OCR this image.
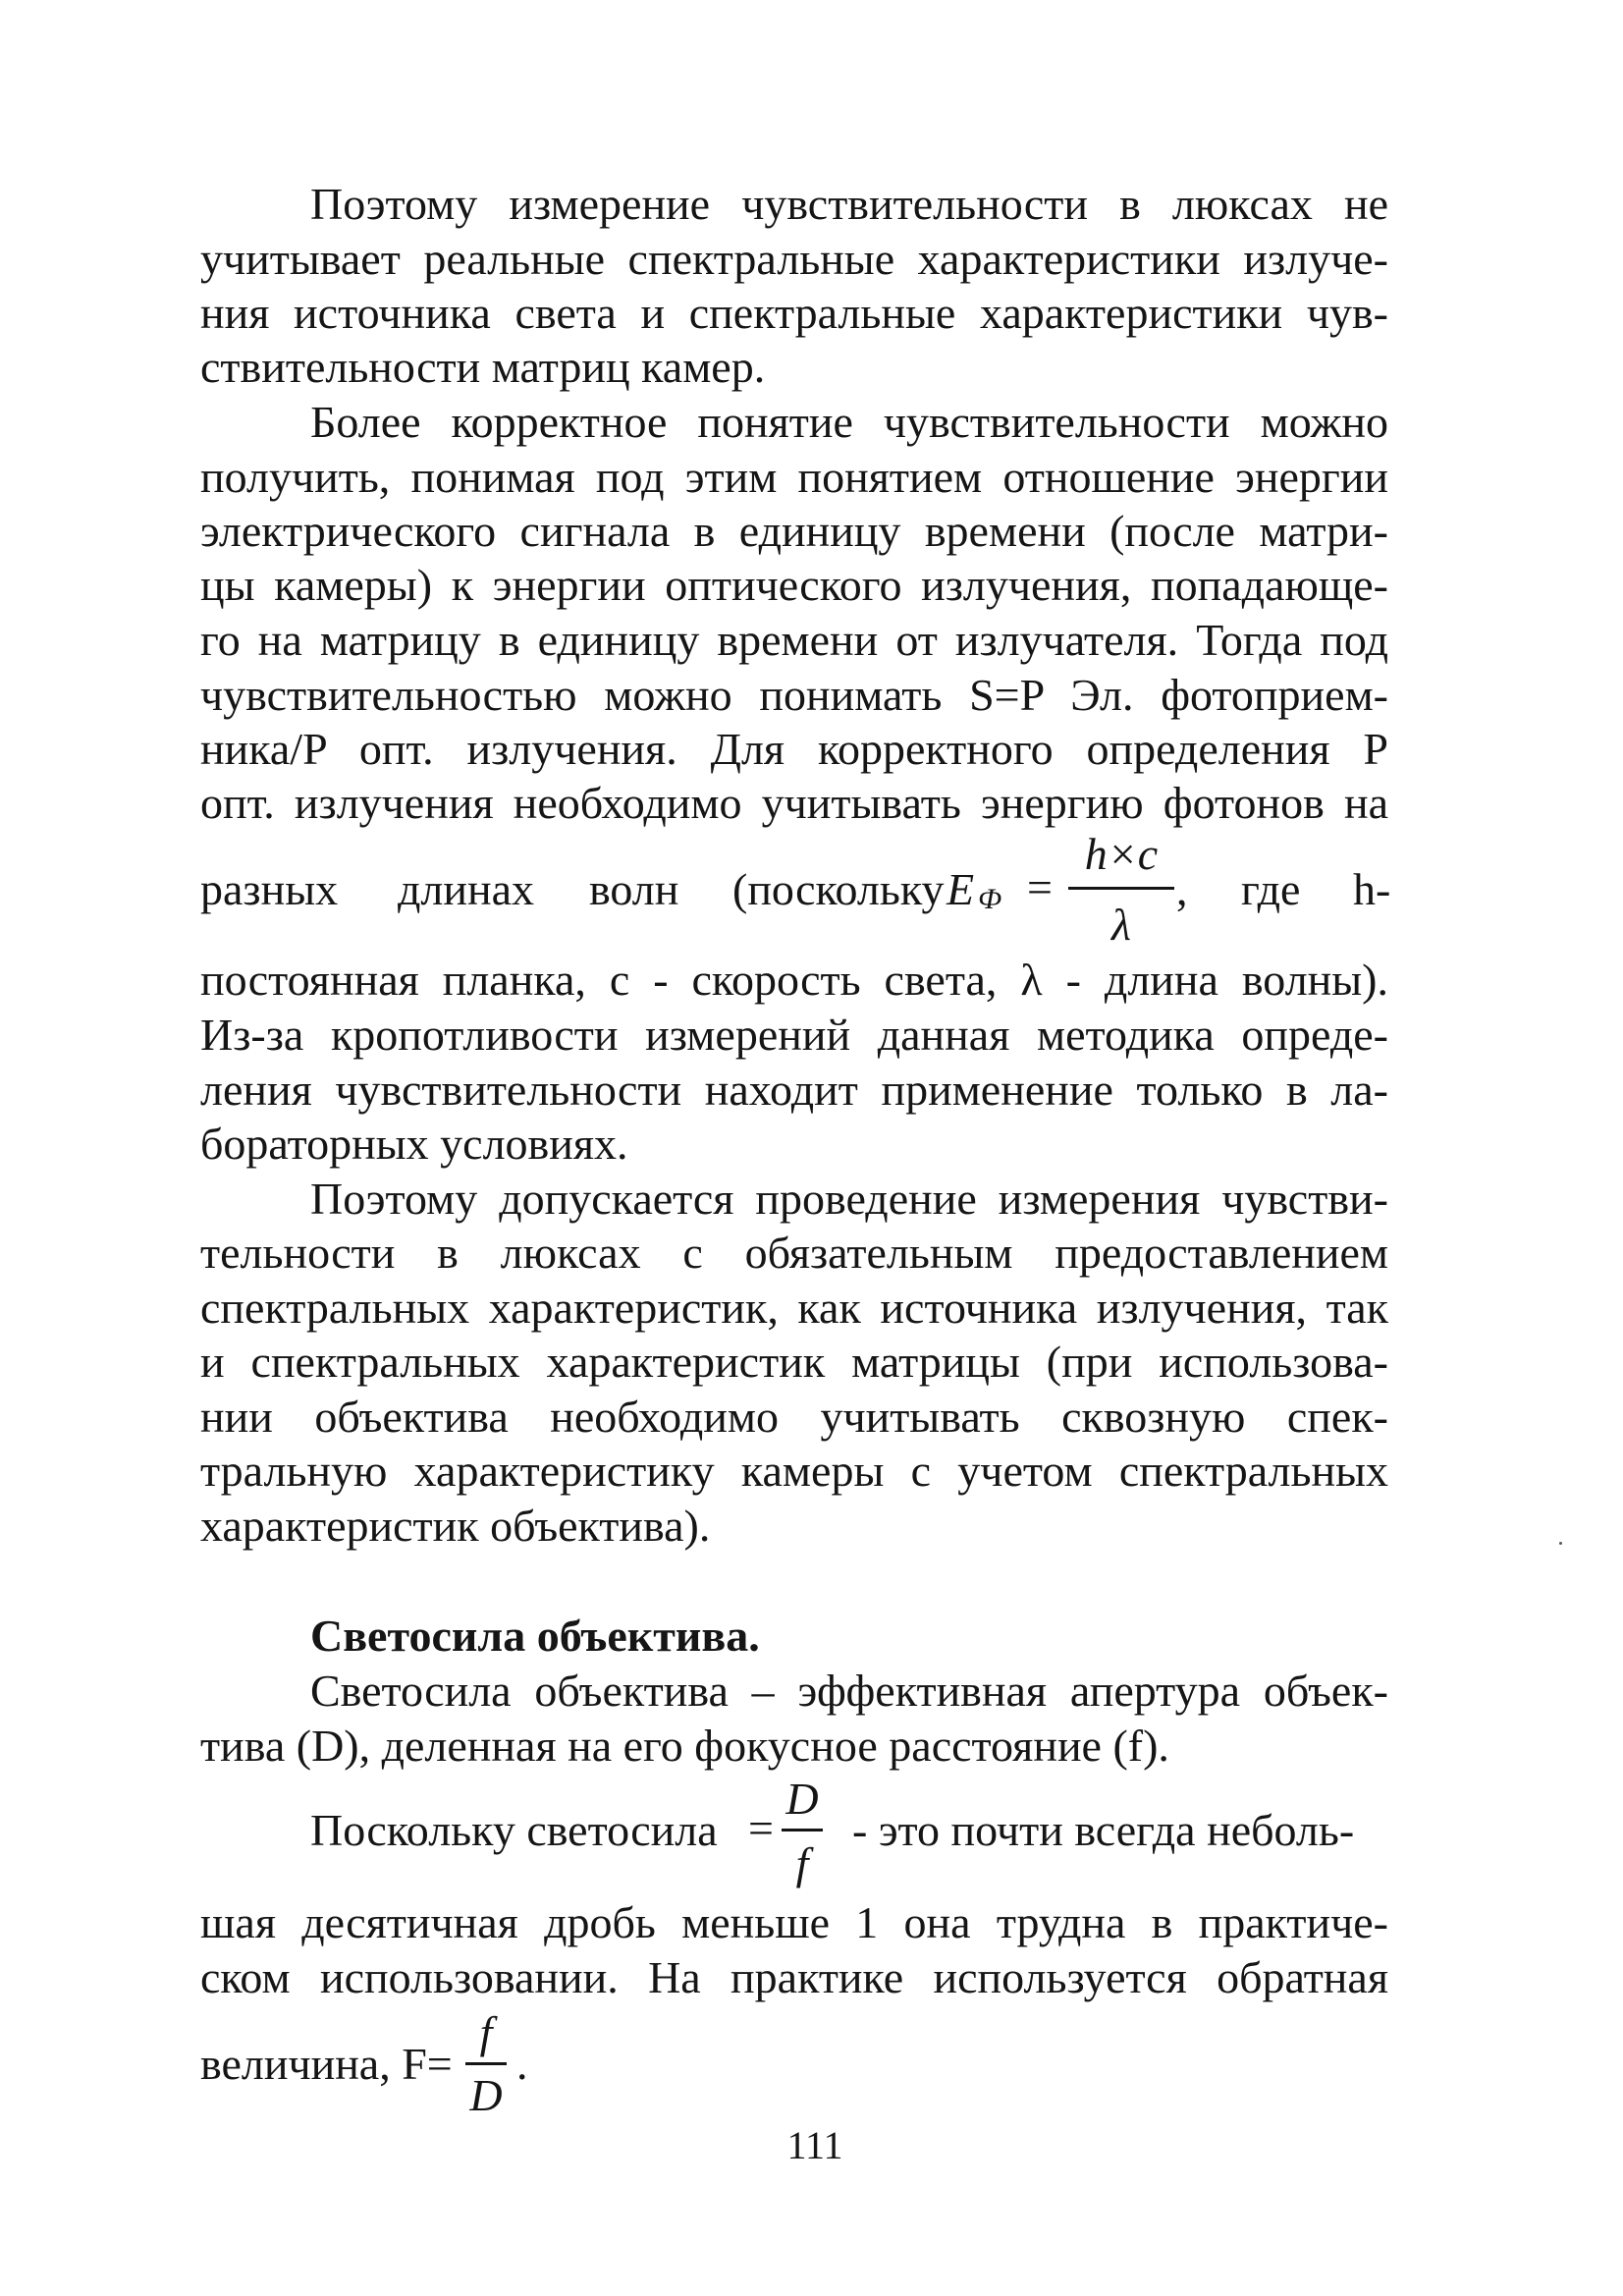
Поэтому измерение чувствительности в люксах не
учитывает реальные спектральные характеристики излуче-
ния источника света и спектральные характеристики чув-
ствительности матриц камер.
Более корректное понятие чувствительности можно
получить, понимая под этим понятием отношение энергии
электрического сигнала в единицу времени (после матри-
цы камеры) к энергии оптического излучения, попадающе-
го на матрицу в единицу времени от излучателя. Тогда под
чувствительностью можно понимать S=P Эл. фотоприем-
ника/P опт. излучения. Для корректного определения P
опт. излучения необходимо учитывать энергию фотонов на
разных длинах волн (поскольку E Ф =
h×c
λ
, где h-
постоянная планка, с - скорость света, λ - длина волны).
Из-за кропотливости измерений данная методика опреде-
ления чувствительности находит применение только в ла-
бораторных условиях.
Поэтому допускается проведение измерения чувстви-
тельности в люксах с обязательным предоставлением
спектральных характеристик, как источника излучения, так
и спектральных характеристик матрицы (при использова-
нии объектива необходимо учитывать сквозную спек-
тральную характеристику камеры с учетом спектральных
характеристик объектива).
Светосила объектива.
Светосила объектива – эффективная апертура объек-
тива (D), деленная на его фокусное расстояние (f).
Поскольку светосила =
D
f
- это почти всегда неболь-
шая десятичная дробь меньше 1 она трудна в практиче-
ском использовании. На практике используется обратная
величина, F=
f
D
.
111
